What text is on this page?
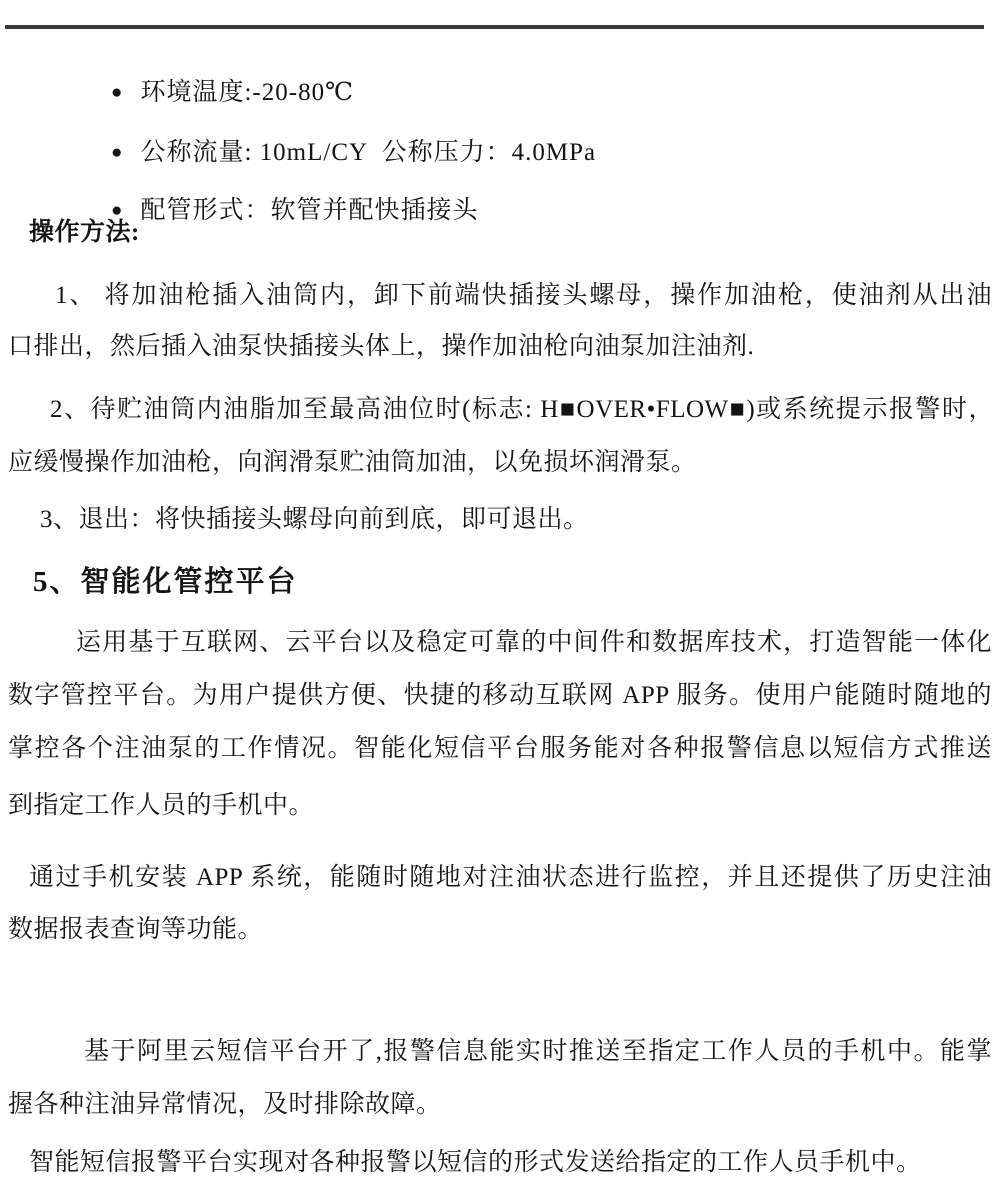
● 环境温度:-20-80℃

● 公称流量: 10mL/CY  公称压力：4.0MPa

● 配管形式：软管并配快插接头

操作方法:
1、 将加油枪插入油筒内，卸下前端快插接头螺母，操作加油枪，使油剂从出油
口排出，然后插入油泵快插接头体上，操作加油枪向油泵加注油剂.
2、待贮油筒内油脂加至最高油位时(标志: H■OVER•FLOW■)或系统提示报警时，
应缓慢操作加油枪，向润滑泵贮油筒加油，以免损坏润滑泵。
3、退出：将快插接头螺母向前到底，即可退出。
5、智能化管控平台
运用基于互联网、云平台以及稳定可靠的中间件和数据库技术，打造智能一体化
数字管控平台。为用户提供方便、快捷的移动互联网 APP 服务。使用户能随时随地的
掌控各个注油泵的工作情况。智能化短信平台服务能对各种报警信息以短信方式推送
到指定工作人员的手机中。
通过手机安装 APP 系统，能随时随地对注油状态进行监控，并且还提供了历史注油
数据报表查询等功能。
基于阿里云短信平台开了,报警信息能实时推送至指定工作人员的手机中。能掌
握各种注油异常情况，及时排除故障。
智能短信报警平台实现对各种报警以短信的形式发送给指定的工作人员手机中。
